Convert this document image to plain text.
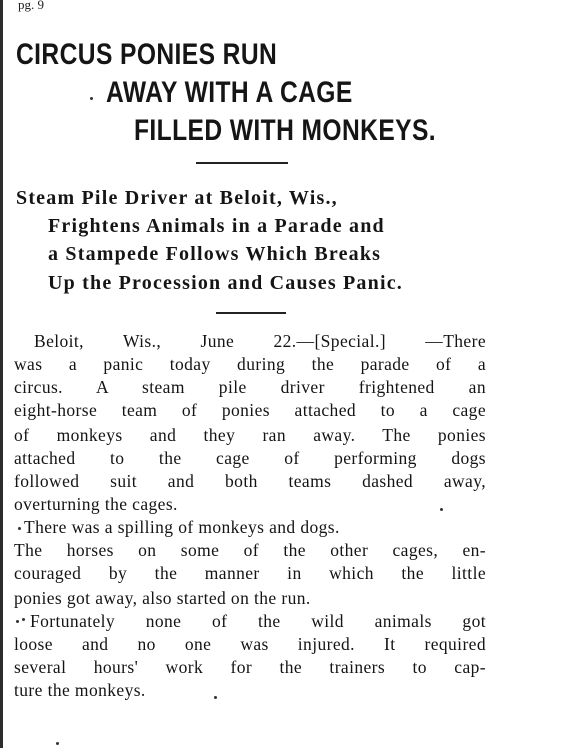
pg. 9
CIRCUS PONIES RUN
AWAY WITH A CAGE
FILLED WITH MONKEYS.
Steam Pile Driver at Beloit, Wis.,
Frightens Animals in a Parade and
a Stampede Follows Which Breaks
Up the Procession and Causes Panic.
Beloit, Wis., June 22.—[Special.] —There
was a panic today during the parade of a
circus. A steam pile driver frightened an
eight-horse team of ponies attached to a cage
of monkeys and they ran away. The ponies
attached to the cage of performing dogs
followed suit and both teams dashed away,
overturning the cages.
There was a spilling of monkeys and dogs.
The horses on some of the other cages, en-
couraged by the manner in which the little
ponies got away, also started on the run.
Fortunately none of the wild animals got
loose and no one was injured. It required
several hours' work for the trainers to cap-
ture the monkeys.
